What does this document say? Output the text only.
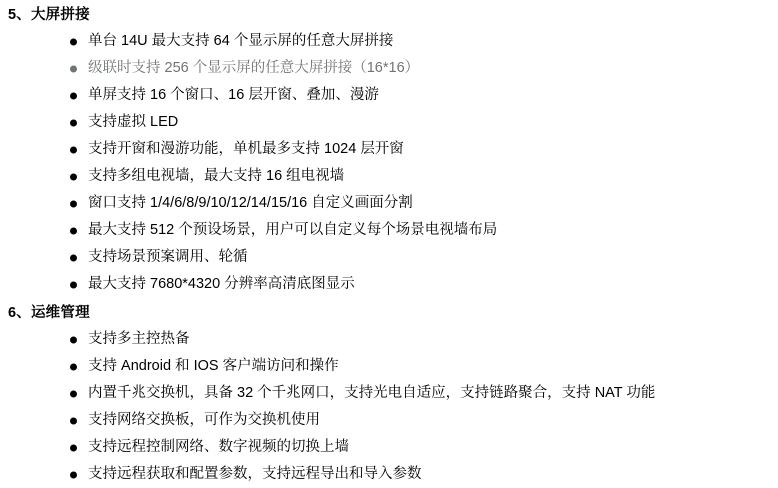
5、大屏拼接
单台 14U 最大支持 64 个显示屏的任意大屏拼接
级联时支持 256 个显示屏的任意大屏拼接（16*16）
单屏支持 16 个窗口、16 层开窗、叠加、漫游
支持虚拟 LED
支持开窗和漫游功能，单机最多支持 1024 层开窗
支持多组电视墙，最大支持 16 组电视墙
窗口支持 1/4/6/8/9/10/12/14/15/16 自定义画面分割
最大支持 512 个预设场景，用户可以自定义每个场景电视墙布局
支持场景预案调用、轮循
最大支持 7680*4320 分辨率高清底图显示
6、运维管理
支持多主控热备
支持 Android 和 IOS 客户端访问和操作
内置千兆交换机，具备 32 个千兆网口，支持光电自适应，支持链路聚合，支持 NAT 功能
支持网络交换板，可作为交换机使用
支持远程控制网络、数字视频的切换上墙
支持远程获取和配置参数，支持远程导出和导入参数
